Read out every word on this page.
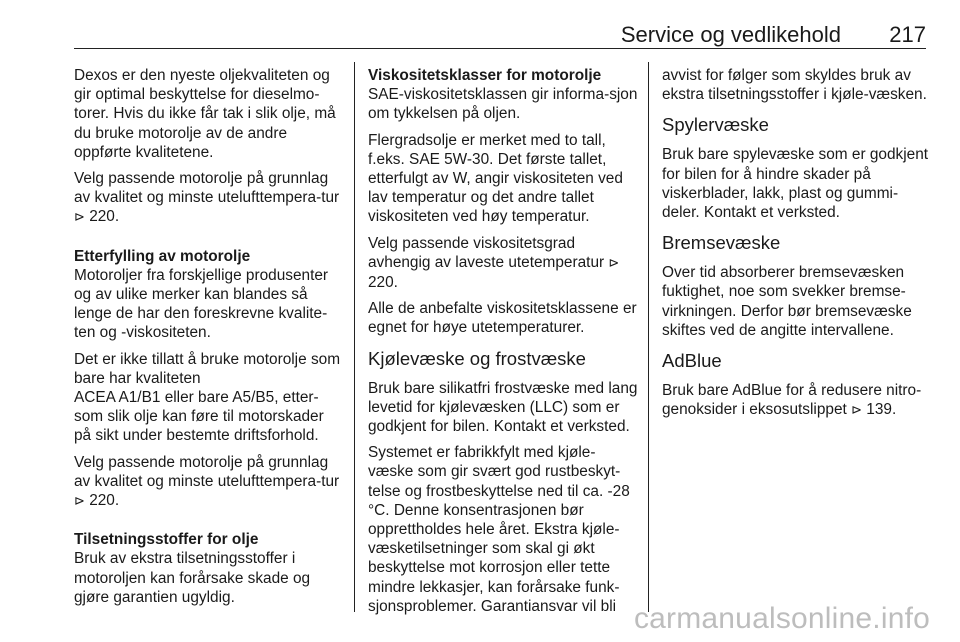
Service og vedlikehold 217

Dexos er den nyeste oljekvaliteten og gir optimal beskyttelse for dieselmo-torer. Hvis du ikke får tak i slik olje, må du bruke motorolje av de andre oppførte kvalitetene.

Velg passende motorolje på grunnlag av kvalitet og minste utelufttempera-tur ⊳ 220.

Etterfylling av motorolje

Motoroljer fra forskjellige produsenter og av ulike merker kan blandes så lenge de har den foreskrevne kvalite-ten og -viskositeten.

Det er ikke tillatt å bruke motorolje som bare har kvaliteten
ACEA A1/B1 eller bare A5/B5, etter-som slik olje kan føre til motorskader på sikt under bestemte driftsforhold.

Velg passende motorolje på grunnlag av kvalitet og minste utelufttempera-tur ⊳ 220.

Tilsetningsstoffer for olje

Bruk av ekstra tilsetningsstoffer i motoroljen kan forårsake skade og gjøre garantien ugyldig.

Viskositetsklasser for motorolje

SAE-viskositetsklassen gir informa-sjon om tykkelsen på oljen.

Flergradsolje er merket med to tall, f.eks. SAE 5W-30. Det første tallet, etterfulgt av W, angir viskositeten ved lav temperatur og det andre tallet viskositeten ved høy temperatur.

Velg passende viskositetsgrad avhengig av laveste utetemperatur ⊳ 220.

Alle de anbefalte viskositetsklassene er egnet for høye utetemperaturer.

Kjølevæske og frostvæske

Bruk bare silikatfri frostvæske med lang levetid for kjølevæsken (LLC) som er godkjent for bilen. Kontakt et verksted.

Systemet er fabrikkfylt med kjøle-væske som gir svært god rustbeskyt-telse og frostbeskyttelse ned til ca. -28 °C. Denne konsentrasjonen bør opprettholdes hele året. Ekstra kjøle-væsketilsetninger som skal gi økt beskyttelse mot korrosjon eller tette mindre lekkasjer, kan forårsake funk-sjonsproblemer. Garantiansvar vil bli

avvist for følger som skyldes bruk av ekstra tilsetningsstoffer i kjøle-væsken.

Spylervæske

Bruk bare spylevæske som er godkjent for bilen for å hindre skader på viskerblader, lakk, plast og gummi-deler. Kontakt et verksted.

Bremsevæske

Over tid absorberer bremsevæsken fuktighet, noe som svekker bremse-virkningen. Derfor bør bremsevæske skiftes ved de angitte intervallene.

AdBlue

Bruk bare AdBlue for å redusere nitro-genoksider i eksosutslippet ⊳ 139.

carmanualsonline.info
